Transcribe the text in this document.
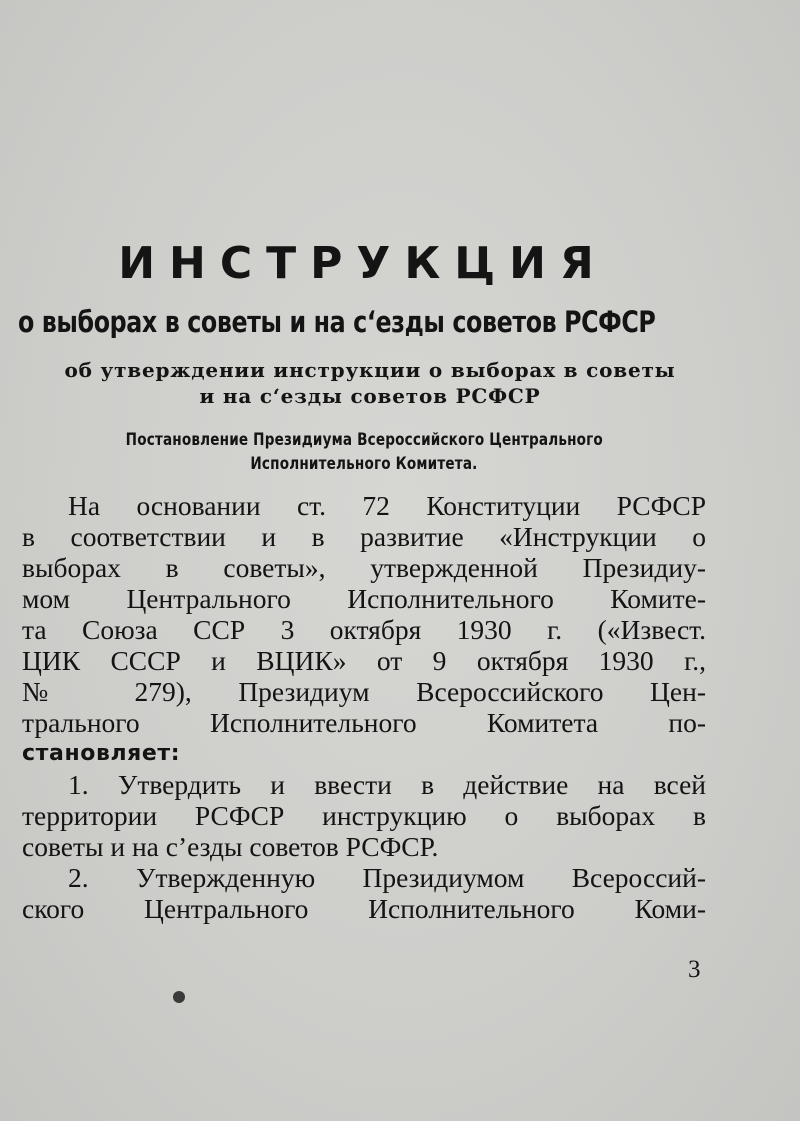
ИНСТРУКЦИЯ
о выборах в советы и на с‘езды советов РСФСР
об утверждении инструкции о выборах в советы
и на с‘езды советов РСФСР
Постановление Президиума Всероссийского Центрального
Исполнительного Комитета.
На основании ст. 72 Конституции РСФСР
в соответствии и в развитие «Инструкции о
выборах в советы», утвержденной Президиу-
мом Центрального Исполнительного Комите-
та Союза ССР 3 октября 1930 г. («Извест.
ЦИК СССР и ВЦИК» от 9 октября 1930 г.,
№ 279), Президиум Всероссийского Цен-
трального Исполнительного Комитета по-
становляет:
1. Утвердить и ввести в действие на всей
территории РСФСР инструкцию о выборах в
советы и на с’езды советов РСФСР.
2. Утвержденную Президиумом Всероссий-
ского Центрального Исполнительного Коми-
3
